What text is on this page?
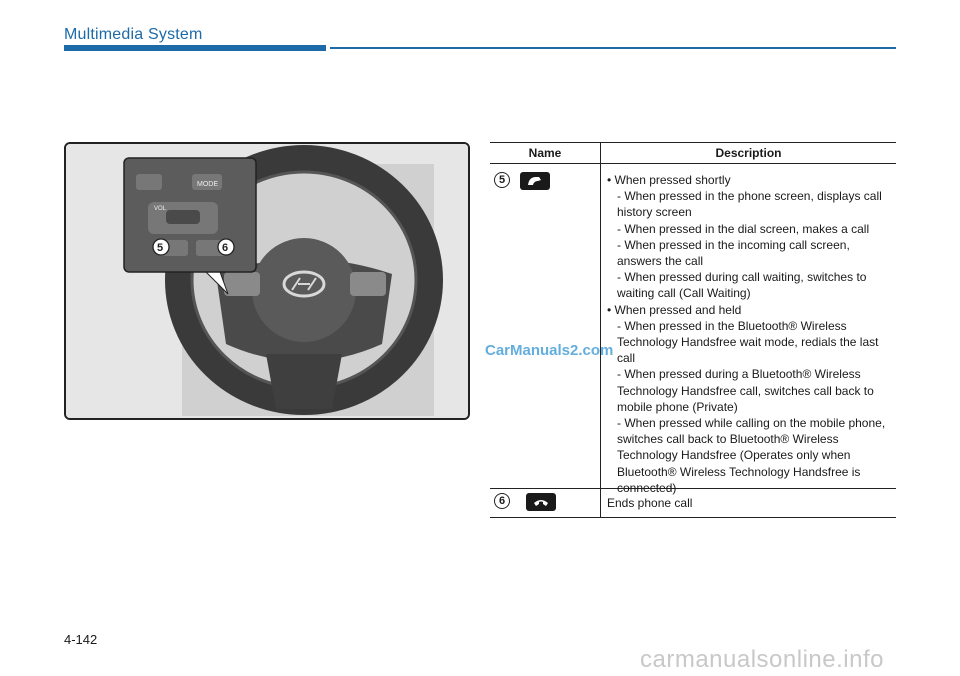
Multimedia System
MODE
VOL
5	6
Name	Description
5	• When pressed shortly
- When pressed in the phone screen, displays call history screen
- When pressed in the dial screen, makes a call
- When pressed in the incoming call screen, answers the call
- When pressed during call waiting, switches to waiting call (Call Waiting)
• When pressed and held
- When pressed in the Bluetooth® Wireless Technology Handsfree wait mode, redials the last call
- When pressed during a Bluetooth® Wireless Technology Handsfree call, switches call back to mobile phone (Private)
- When pressed while calling on the mobile phone, switches call back to Bluetooth® Wireless Technology Handsfree (Operates only when Bluetooth® Wireless Technology Handsfree is connected)
6	Ends phone call
CarManuals2.com
4-142
carmanualsonline.info
